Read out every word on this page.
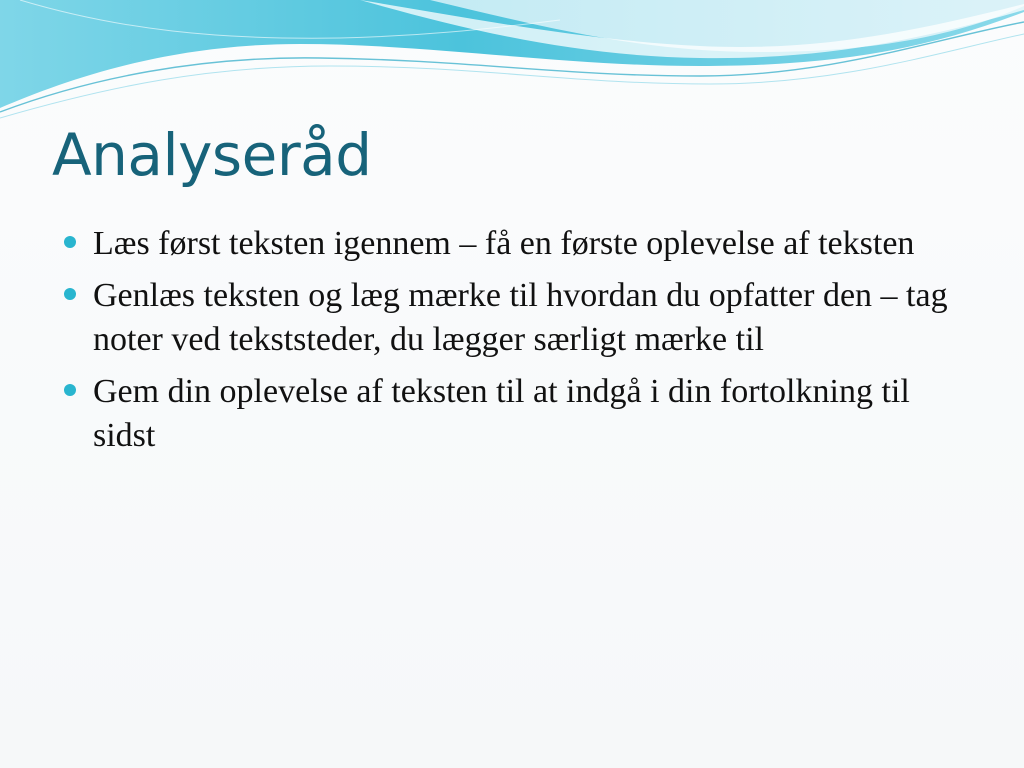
Analyseråd
Læs først teksten igennem – få en første oplevelse af teksten
Genlæs teksten og læg mærke til hvordan du opfatter den – tag noter ved tekststeder, du lægger særligt mærke til
Gem din oplevelse af teksten til at indgå i din fortolkning til sidst
